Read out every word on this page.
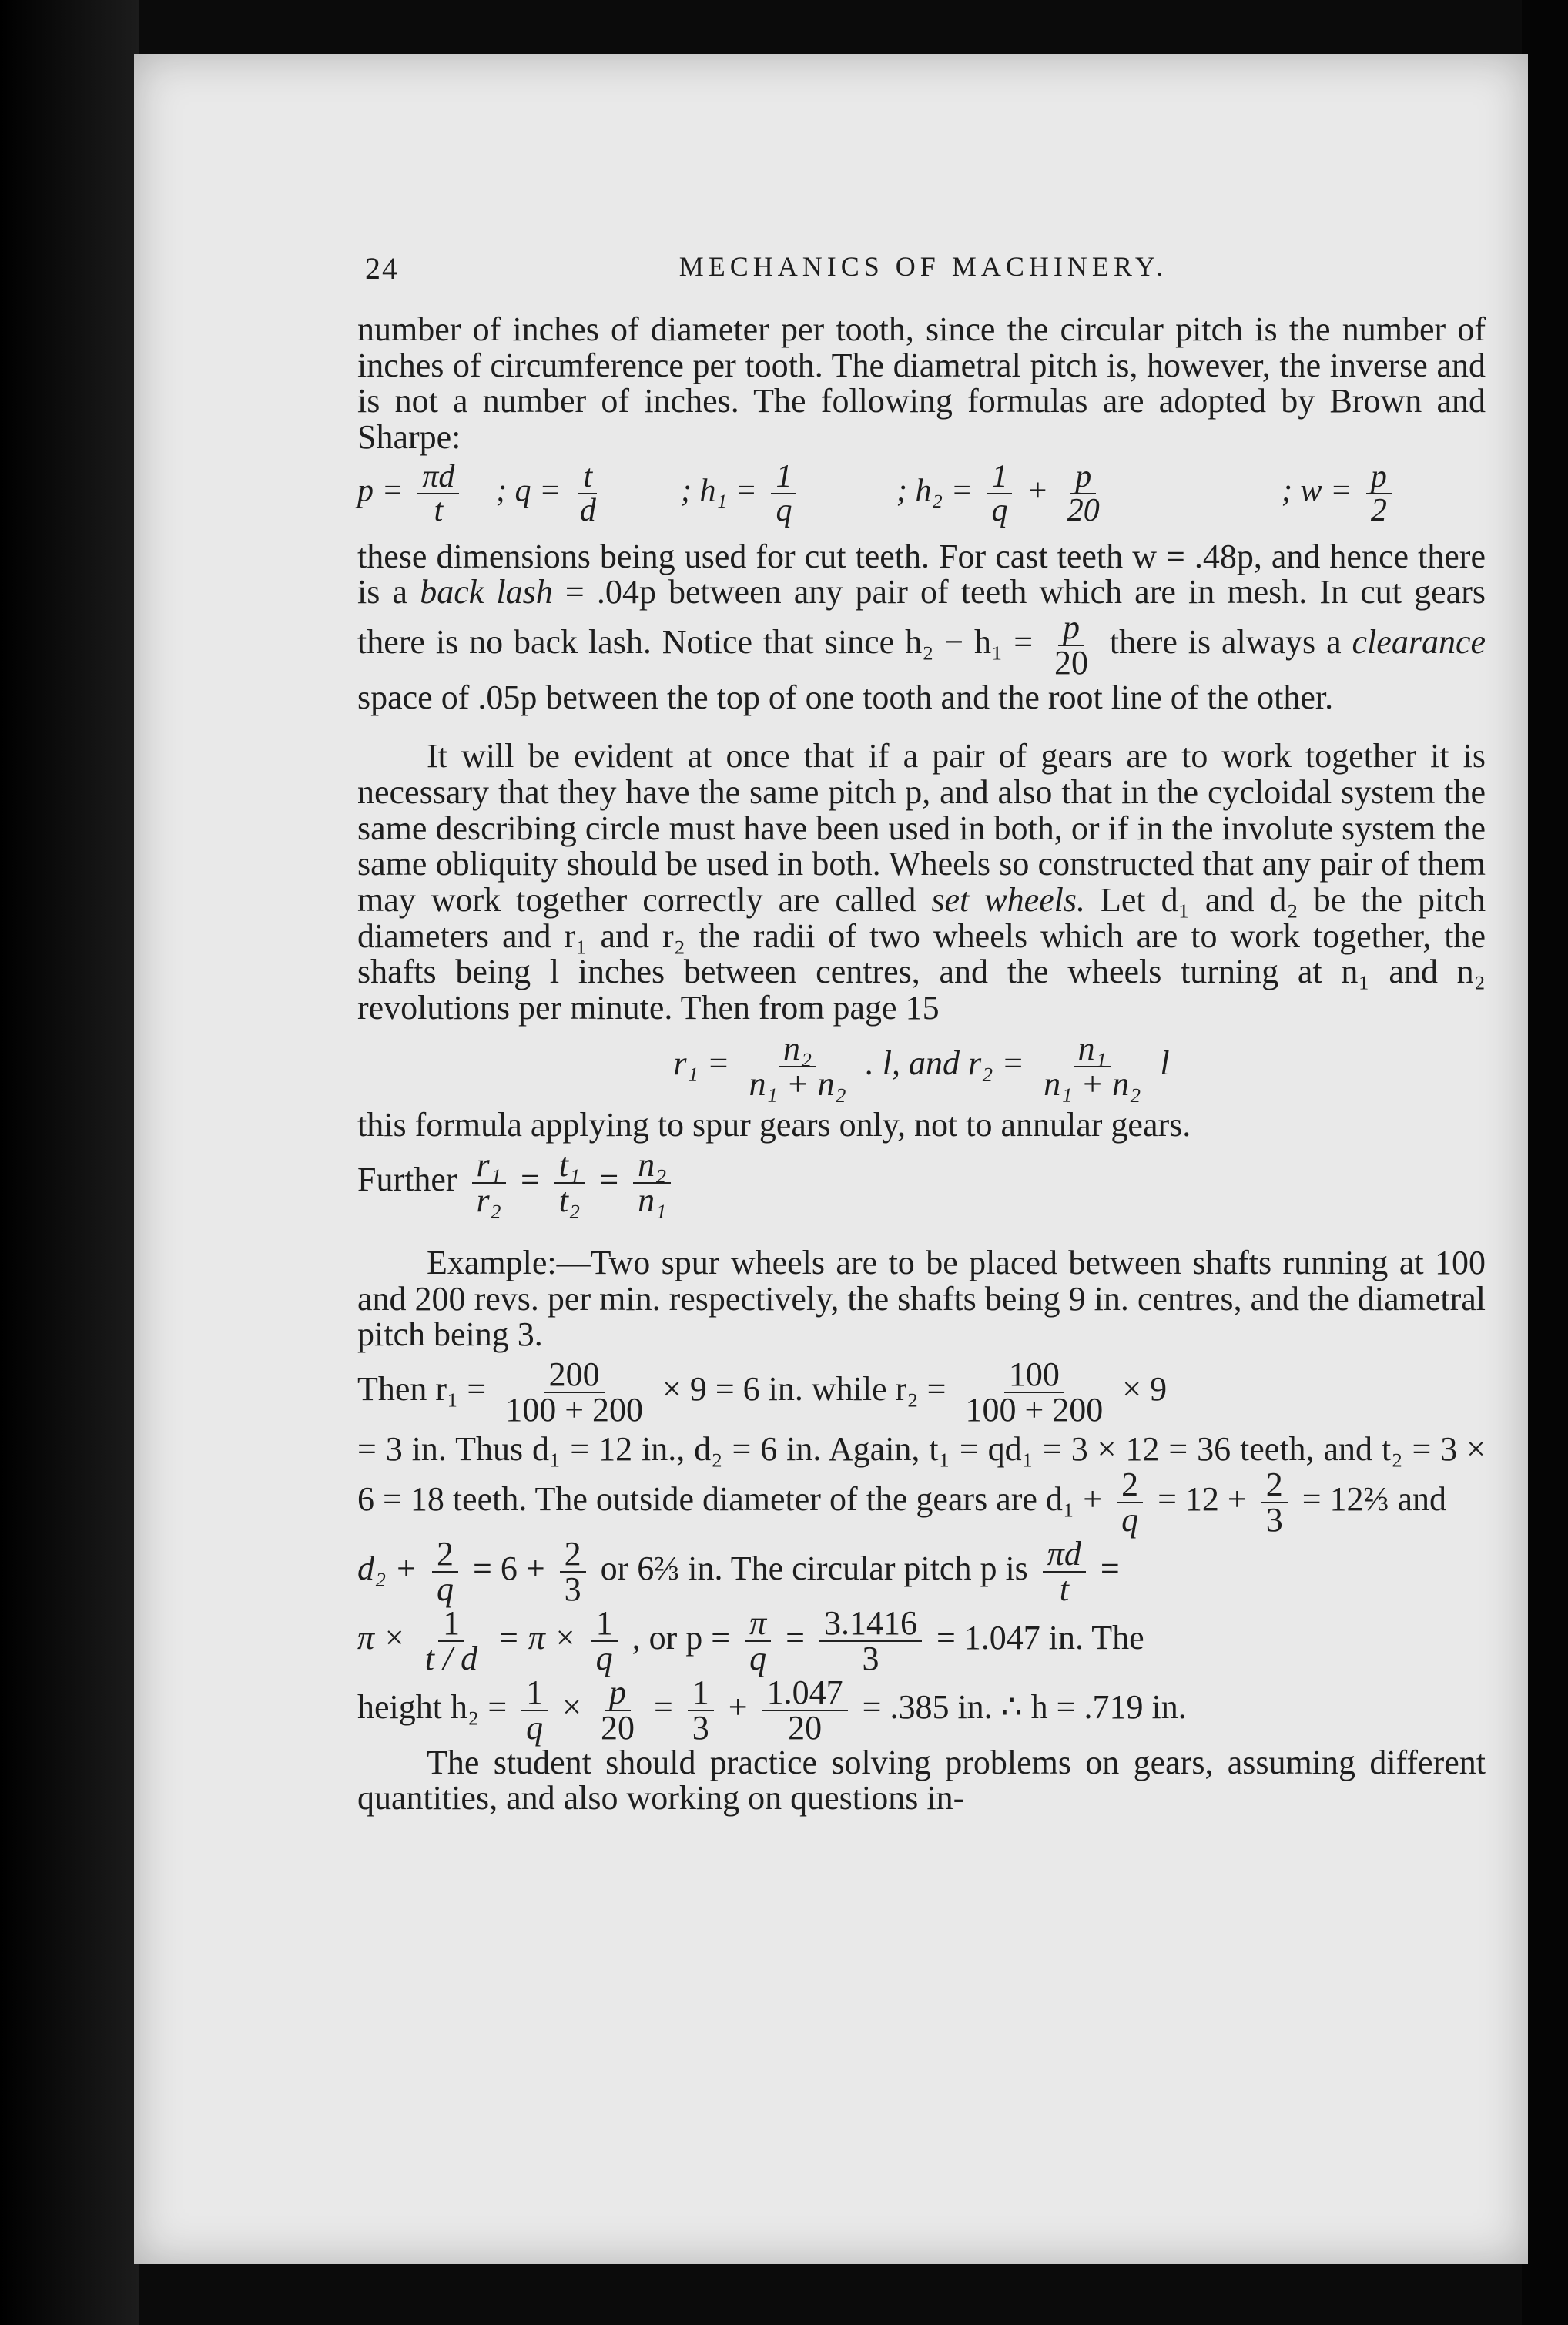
24	MECHANICS OF MACHINERY.

number of inches of diameter per tooth, since the circular pitch is the number of inches of circumference per tooth. The diametral pitch is, however, the inverse and is not a number of inches. The following formulas are adopted by Brown and Sharpe:

$p = \frac{\pi d}{t}$ ; $q = \frac{t}{d}$ ; $h_1 = \frac{1}{q}$	; $h_2 = \frac{1}{q} + \frac{p}{20}$	; $w = \frac{p}{2}$

these dimensions being used for cut teeth. For cast teeth w = .48p, and hence there is a back lash = .04p between any pair of teeth which are in mesh. In cut gears there is no back lash. Notice that since $h_2 - h_1 = \frac{p}{20}$ there is always a clearance space of .05p between the top of one tooth and the root line of the other.

It will be evident at once that if a pair of gears are to work together it is necessary that they have the same pitch p, and also that in the cycloidal system the same describing circle must have been used in both, or if in the involute system the same obliquity should be used in both. Wheels so constructed that any pair of them may work together correctly are called set wheels. Let d₁ and d₂ be the pitch diameters and r₁ and r₂ the radii of two wheels which are to work together, the shafts being l inches between centres, and the wheels turning at n₁ and n₂ revolutions per minute. Then from page 15

$r_1 = \frac{\text{n₂}}{\text{n₁ + n₂}}$ . l, and $r_2 = \frac{\text{n₁}}{\text{n₁ + n₂}}$ l

this formula applying to spur gears only, not to annular gears.

Further $\frac{\text{r₁}}{\text{r₂}} = \frac{\text{t₁}}{\text{t₂}} = \frac{\text{n₂}}{\text{n₁}}$

Example:—Two spur wheels are to be placed between shafts running at 100 and 200 revs. per min. respectively, the shafts being 9 in. centres, and the diametral pitch being 3.

Then $r_1 = \frac{200}{100 + 200} \times 9 = 6$ in. while $r_2 = \frac{100}{100 + 200} \times 9$

= 3 in. Thus d₁ = 12 in., d₂ = 6 in. Again, t₁ = qd₁ = 3 × 12 = 36 teeth, and t₂ = 3 × 6 = 18 teeth. The outside diameter of the gears are $d_1 + \frac{2}{q} = 12 + \frac{2}{3}$ = 12⅔ and

$d_2 + \frac{2}{q} = 6 + \frac{2}{3}$ or 6⅔ in. The circular pitch p is $\frac{\pi d}{t}$ =

$\pi \times \frac{1}{t / d} = \pi \times \frac{1}{q}$ , or $p = \frac{\pi}{q} = \frac{3.1416}{3} = 1.047$ in. The

height $h_2 = \frac{1}{q} \times \frac{p}{20} = \frac{1}{3} + \frac{1.047}{20} = .385$ in. ∴ h = .719 in.

The student should practice solving problems on gears, assuming different quantities, and also working on questions in-
